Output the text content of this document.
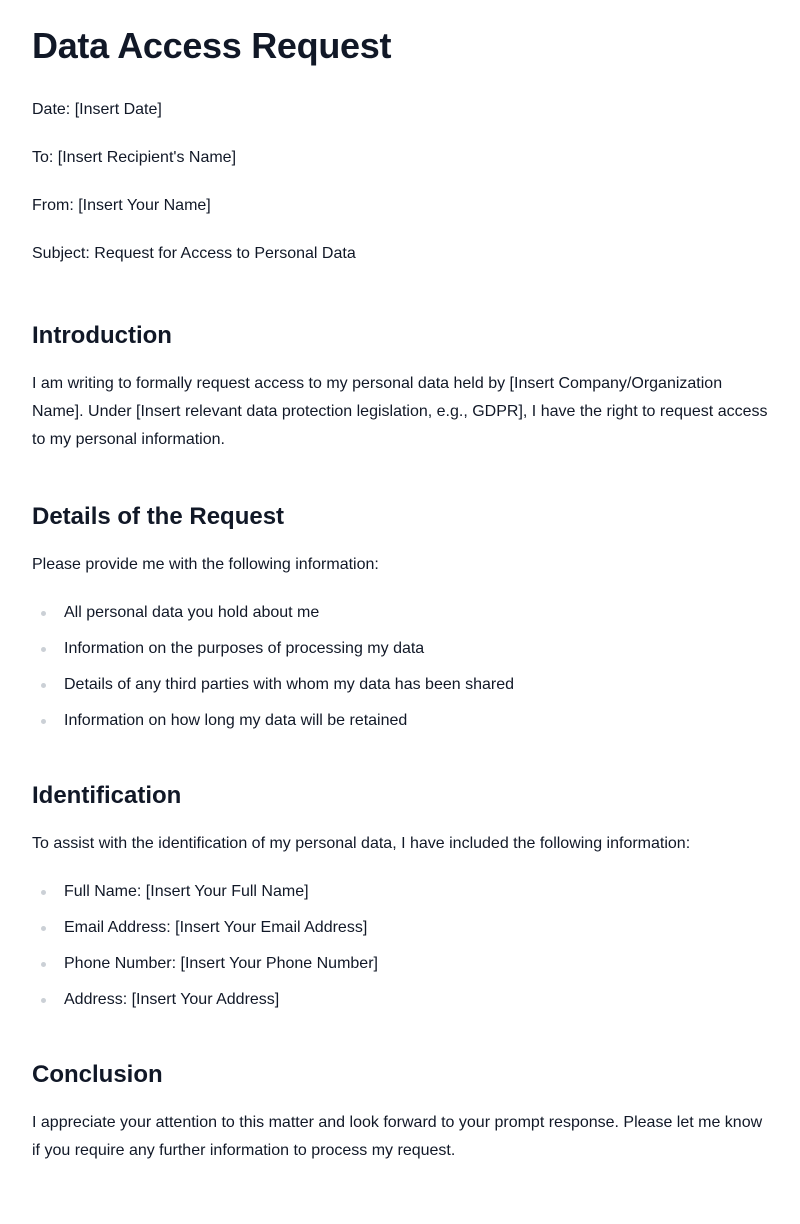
Data Access Request

Date: [Insert Date]

To: [Insert Recipient's Name]

From: [Insert Your Name]

Subject: Request for Access to Personal Data

Introduction

I am writing to formally request access to my personal data held by [Insert Company/Organization Name]. Under [Insert relevant data protection legislation, e.g., GDPR], I have the right to request access to my personal information.

Details of the Request

Please provide me with the following information:

All personal data you hold about me
Information on the purposes of processing my data
Details of any third parties with whom my data has been shared
Information on how long my data will be retained
Identification

To assist with the identification of my personal data, I have included the following information:

Full Name: [Insert Your Full Name]
Email Address: [Insert Your Email Address]
Phone Number: [Insert Your Phone Number]
Address: [Insert Your Address]
Conclusion

I appreciate your attention to this matter and look forward to your prompt response. Please let me know if you require any further information to process my request.
